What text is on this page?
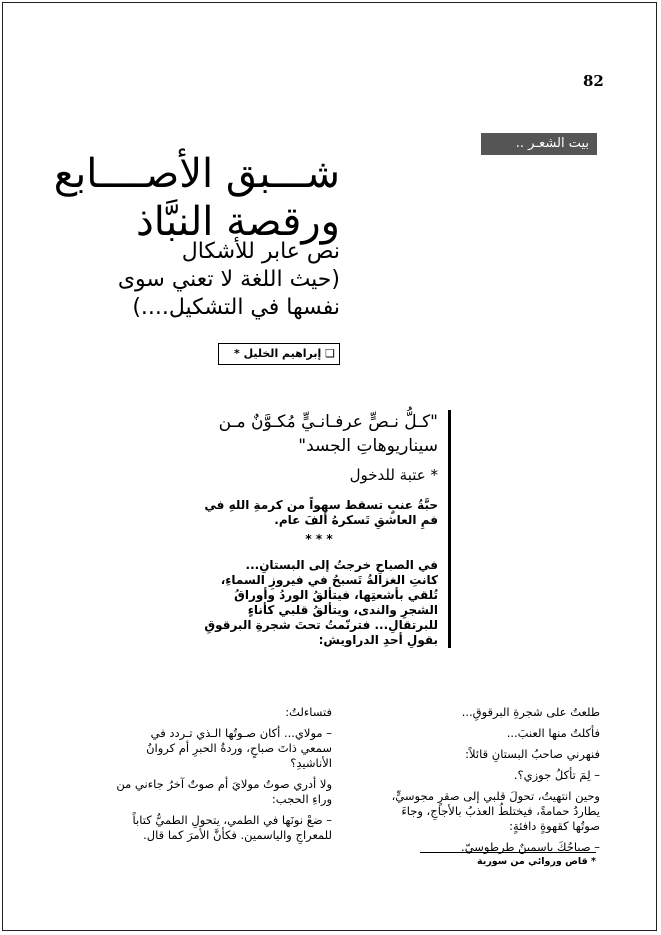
82
بيت الشعـر ..
شـــبق الأصــــابع
ورقصة النبَّاذ
نص عابر للأشكال
(حيث اللغة لا تعني سوى
نفسها في التشكيل....)
❑ إبراهيم الخليل *
"كـلُّ نـصٍّ عرفـانـيٍّ مُكـوَّنٌ مـن
سيناريوهاتِ الجسد"
* عتبة للدخول
حبَّةُ عنبٍ تسقط سهواً من كرمةِ اللهِ في
فمِ العاشقِ تَسكرهُ ألفَ عام.
* * *
في الصباحِ خرجتُ إلى البستانِ...
كانتِ الغزالةُ تَسبحُ في فيروزِ السماءِ،
تُلقي بأشعتِها، فيتألقُ الوردُ وأوراقُ
الشجرِ والندى، ويتألقُ قلبي كأناءٍ
للبرتقالِ... فترنّمتُ تحتَ شجرةِ البرقوقِ
بقولِ أحدِ الدراويش:
طلعتُ على شجرةِ البرقوقِ...
فأكلتُ منها العنبَ...
فنهرني صاحبُ البستانِ قائلاً:
– لِمَ تأكلُ جوزي؟.
وحين انتهيتُ، تحولَ قلبي إلى صقرٍ مجوسيٍّ،
يطاردُ حمامةً، فيختلطُ العذبُ بالأجاجِ، وجاءَ
صوتُها كقهوةٍ دافئةٍ:
– صباحُكَ ياسمينٌ طرطوسيّ.
فتساءلتُ:
– مولاي... أكان صـوتُها الـذي تـردد في
سمعي ذاتَ صباحٍ، وردةُ الحبرِ أم كروانُ
الأناشيدِ؟
ولا أدري صوتُ مولايَ أم صوتٌ آخرُ جاءني من
وراءِ الحجب:
– ضعْ نونَها في الطمي، يتحولِ الطميُّ كتاباً
للمعراجِ والياسمين. فكأنَّ الأمرَ كما قال.
* قاص وروائي من سورية
